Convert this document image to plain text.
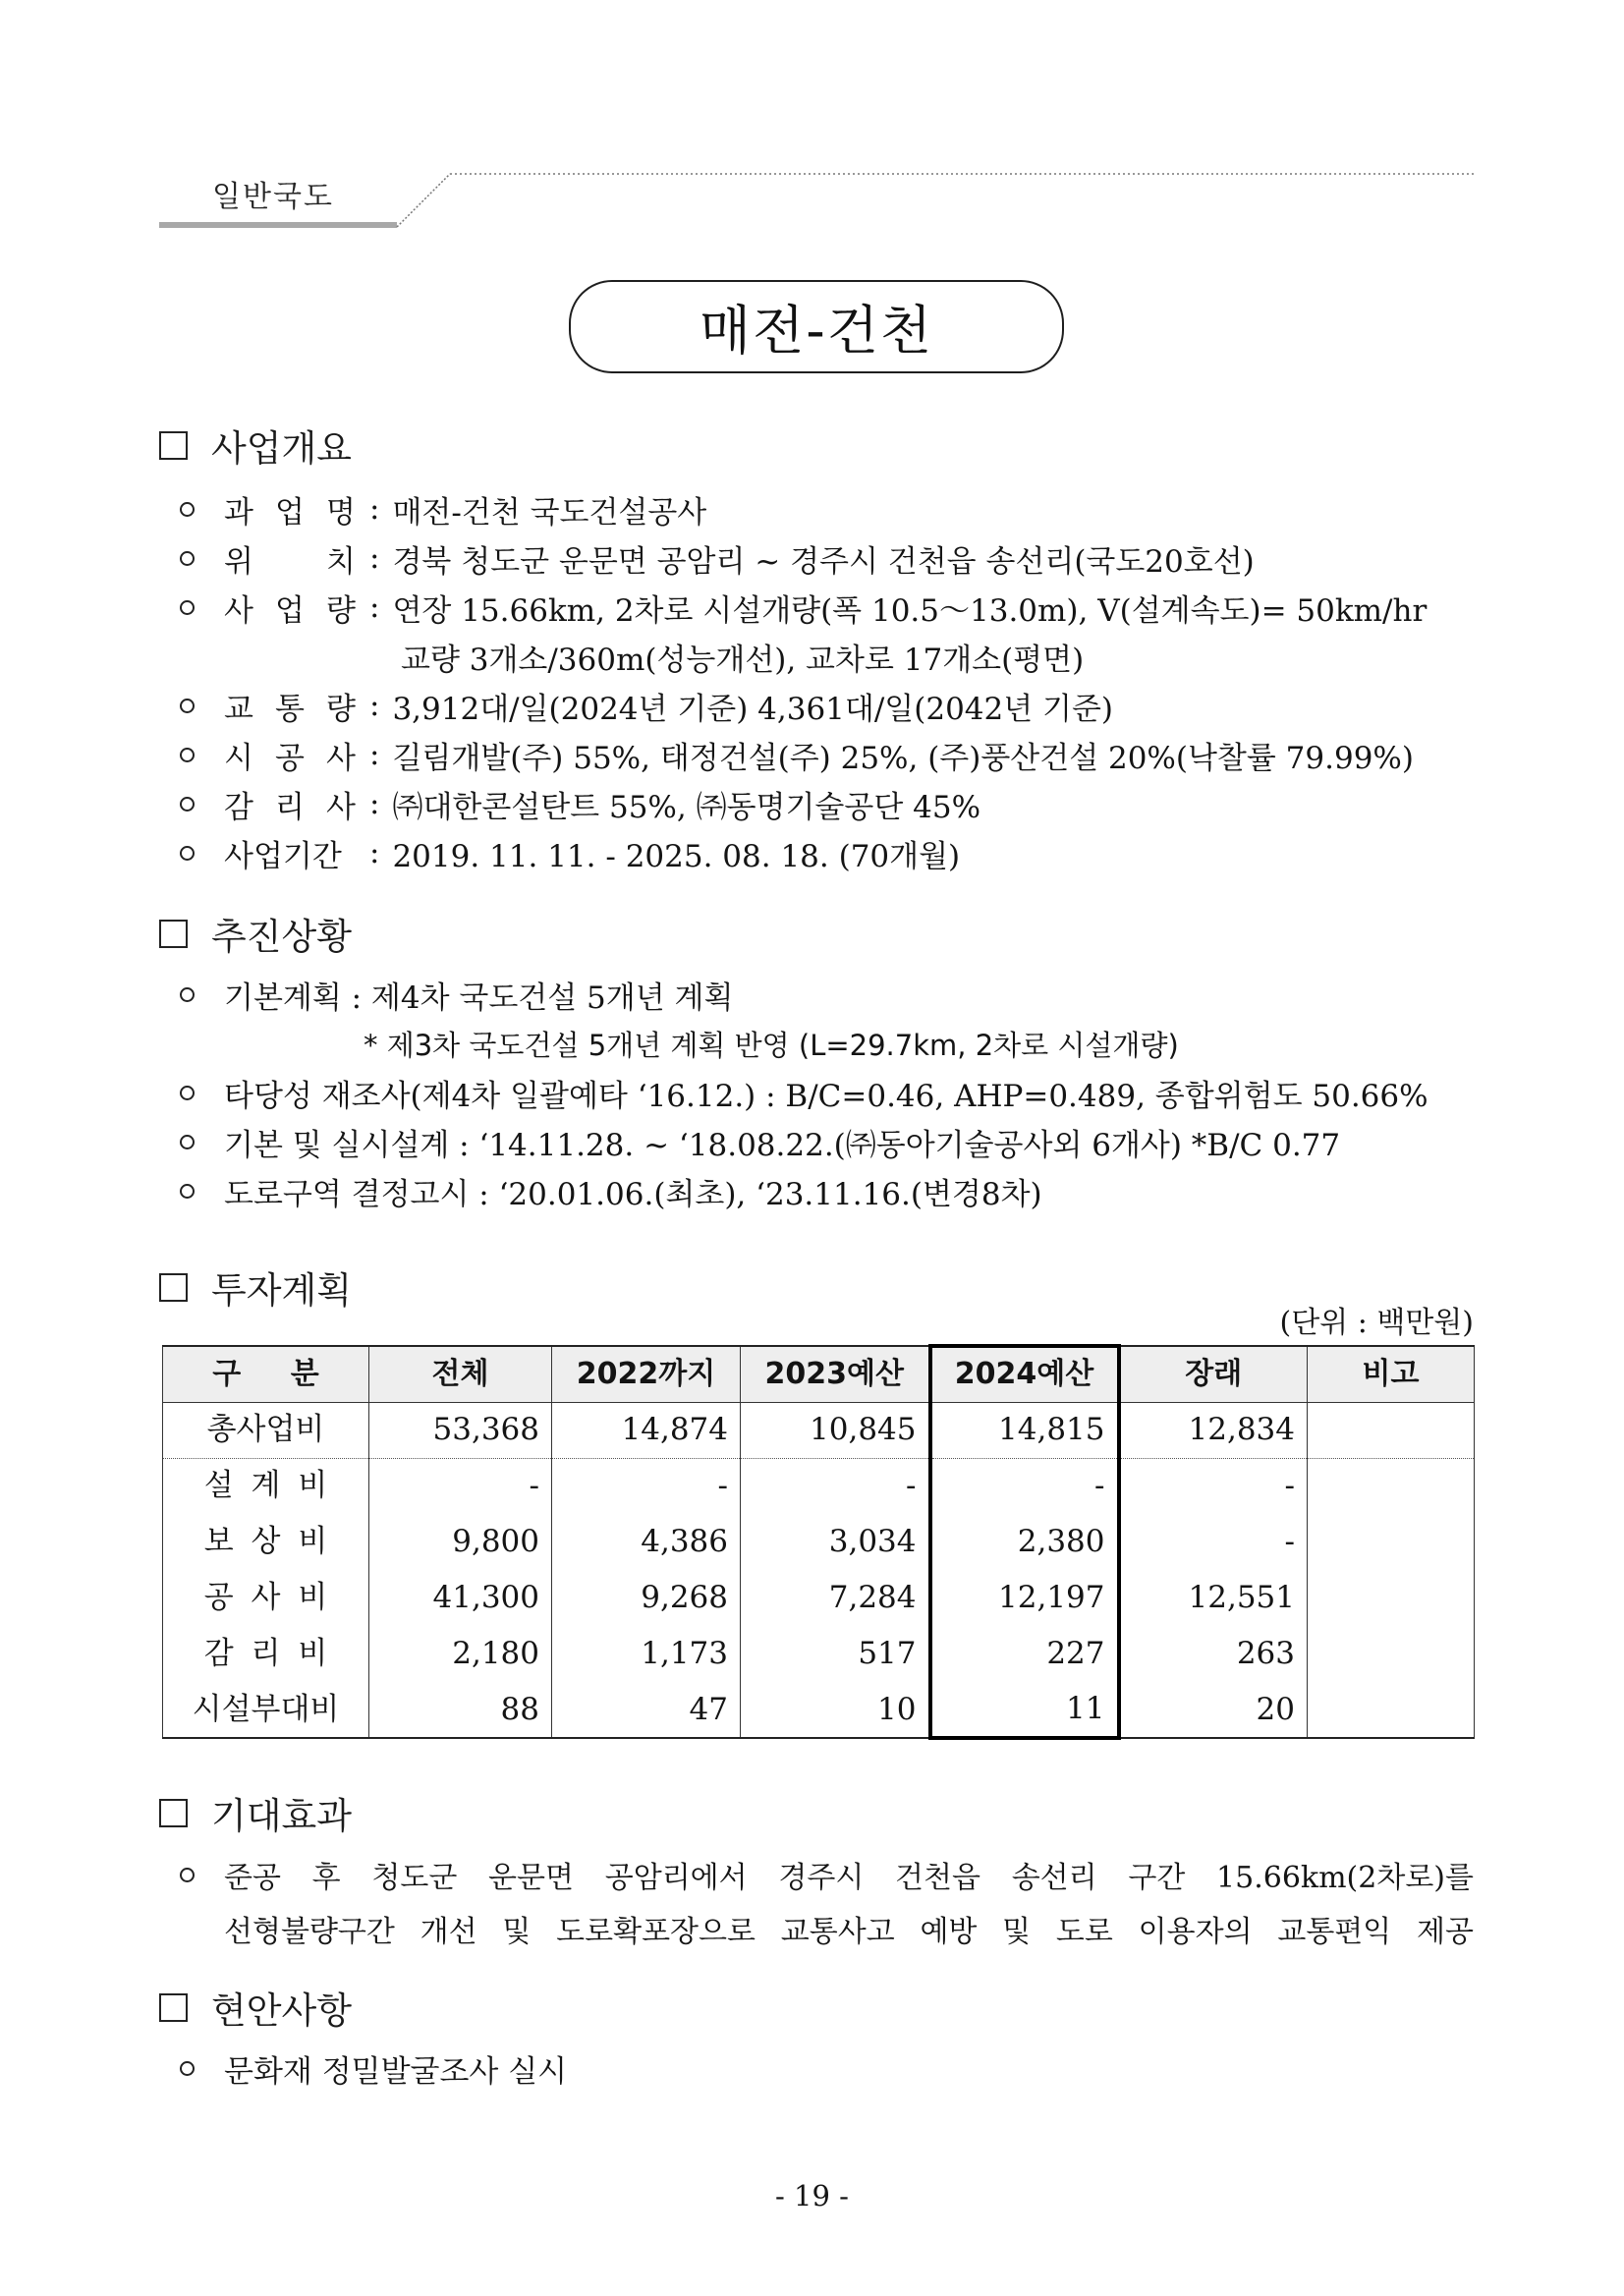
일반국도
매전-건천
사업개요
과 업 명 : 매전-건천 국도건설공사
위 치 : 경북 청도군 운문면 공암리 ~ 경주시 건천읍 송선리(국도20호선)
사 업 량 : 연장 15.66km, 2차로 시설개량(폭 10.5～13.0m), V(설계속도)= 50km/hr
교량 3개소/360m(성능개선), 교차로 17개소(평면)
교 통 량 : 3,912대/일(2024년 기준) 4,361대/일(2042년 기준)
시 공 사 : 길림개발(주) 55%, 태정건설(주) 25%, (주)풍산건설 20%(낙찰률 79.99%)
감 리 사 : ㈜대한콘설탄트 55%, ㈜동명기술공단 45%
사업기간 : 2019. 11. 11. - 2025. 08. 18. (70개월)
추진상황
기본계획 : 제4차 국도건설 5개년 계획
* 제3차 국도건설 5개년 계획 반영 (L=29.7km, 2차로 시설개량)
타당성 재조사(제4차 일괄예타 ‘16.12.) : B/C=0.46, AHP=0.489, 종합위험도 50.66%
기본 및 실시설계 : ‘14.11.28. ~ ‘18.08.22.(㈜동아기술공사외 6개사) *B/C 0.77
도로구역 결정고시 : ‘20.01.06.(최초), ‘23.11.16.(변경8차)
투자계획
(단위 : 백만원)
구 분	전체	2022까지	2023예산	2024예산	장래	비고
총사업비	53,368	14,874	10,845	14,815	12,834	
설 계 비	-	-	-	-	-	
보 상 비	9,800	4,386	3,034	2,380	-	
공 사 비	41,300	9,268	7,284	12,197	12,551	
감 리 비	2,180	1,173	517	227	263	
시설부대비	88	47	10	11	20	
기대효과
준공 후 청도군 운문면 공암리에서 경주시 건천읍 송선리 구간 15.66km(2차로)를
선형불량구간 개선 및 도로확포장으로 교통사고 예방 및 도로 이용자의 교통편익 제공
현안사항
문화재 정밀발굴조사 실시
- 19 -
